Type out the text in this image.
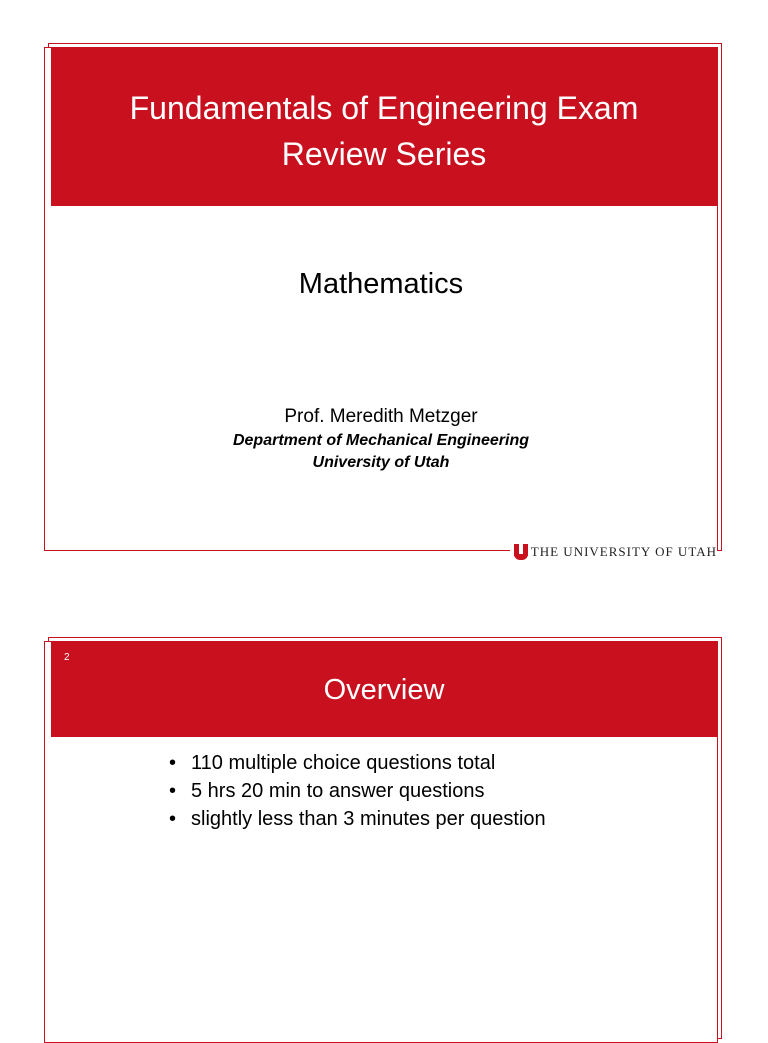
Fundamentals of Engineering Exam
Review Series
Mathematics
Prof. Meredith Metzger
Department of Mechanical Engineering
University of Utah
THE UNIVERSITY OF UTAH
2
Overview
• 110 multiple choice questions total
• 5 hrs 20 min to answer questions
• slightly less than 3 minutes per question
